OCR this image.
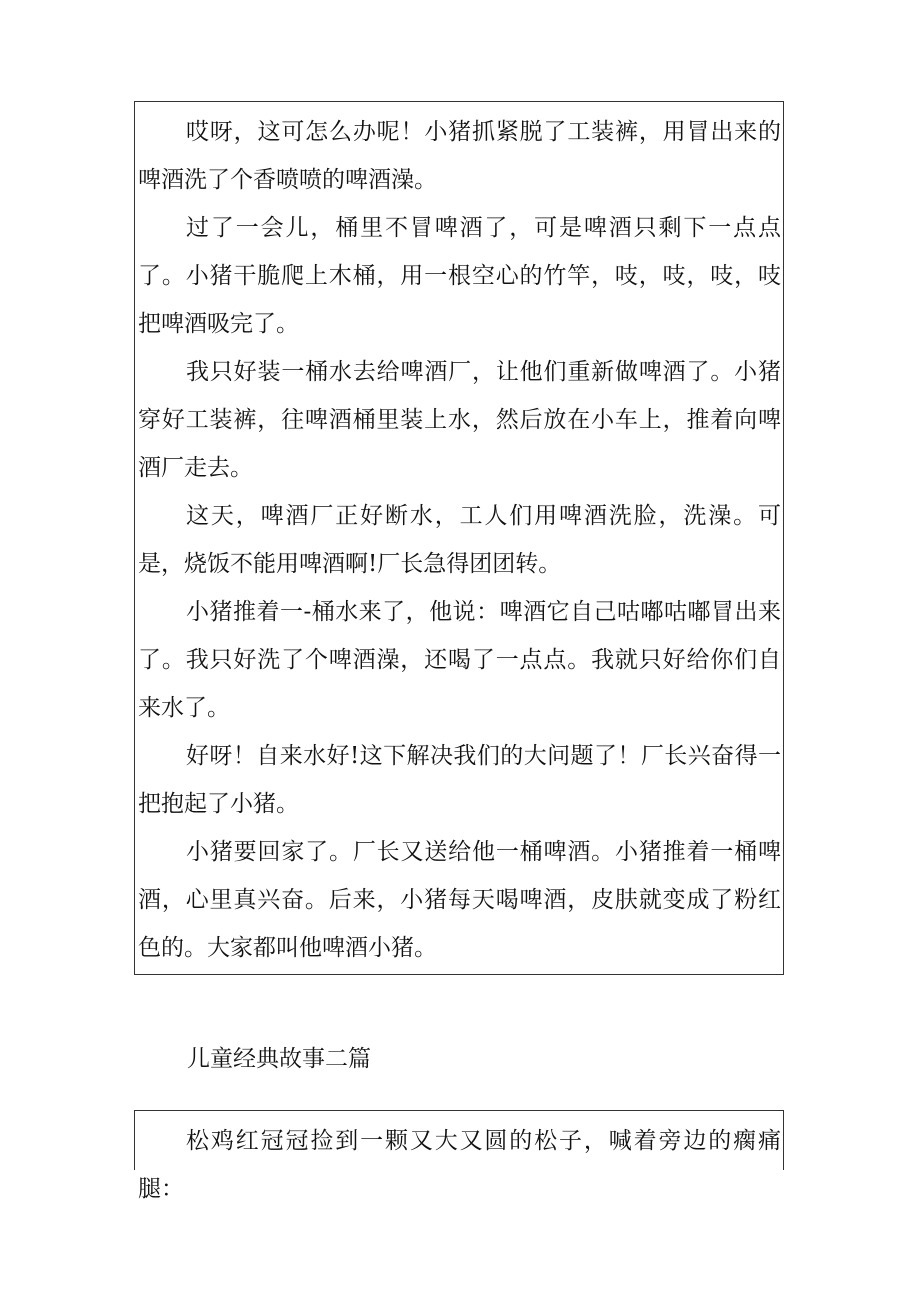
哎呀，这可怎么办呢！小猪抓紧脱了工装裤，用冒出来的啤酒洗了个香喷喷的啤酒澡。

过了一会儿，桶里不冒啤酒了，可是啤酒只剩下一点点了。小猪干脆爬上木桶，用一根空心的竹竿，吱，吱，吱，吱把啤酒吸完了。

我只好装一桶水去给啤酒厂，让他们重新做啤酒了。小猪穿好工装裤，往啤酒桶里装上水，然后放在小车上，推着向啤酒厂走去。

这天，啤酒厂正好断水，工人们用啤酒洗脸，洗澡。可是，烧饭不能用啤酒啊!厂长急得团团转。

小猪推着一-桶水来了，他说：啤酒它自己咕嘟咕嘟冒出来了。我只好洗了个啤酒澡，还喝了一点点。我就只好给你们自来水了。

好呀！自来水好!这下解决我们的大问题了！厂长兴奋得一把抱起了小猪。

小猪要回家了。厂长又送给他一桶啤酒。小猪推着一桶啤酒，心里真兴奋。后来，小猪每天喝啤酒，皮肤就变成了粉红色的。大家都叫他啤酒小猪。

儿童经典故事二篇

松鸡红冠冠捡到一颗又大又圆的松子，喊着旁边的瘸痛腿：
